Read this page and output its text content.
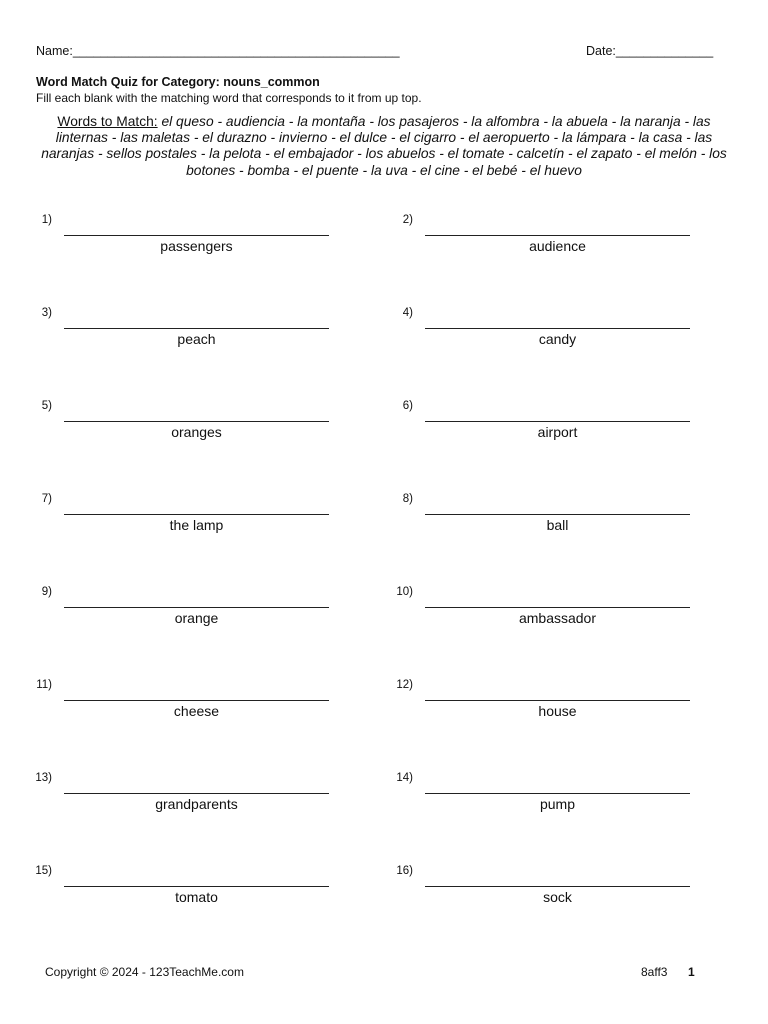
Name:_______________________________________________	Date:______________
Word Match Quiz for Category: nouns_common
Fill each blank with the matching word that corresponds to it from up top.
Words to Match: el queso - audiencia - la montaña - los pasajeros - la alfombra - la abuela - la naranja - las linternas - las maletas - el durazno - invierno - el dulce - el cigarro - el aeropuerto - la lámpara - la casa - las naranjas - sellos postales - la pelota - el embajador - los abuelos - el tomate - calcetín - el zapato - el melón - los botones - bomba - el puente - la uva - el cine - el bebé - el huevo
1)
passengers
2)
audience
3)
peach
4)
candy
5)
oranges
6)
airport
7)
the lamp
8)
ball
9)
orange
10)
ambassador
11)
cheese
12)
house
13)
grandparents
14)
pump
15)
tomato
16)
sock
Copyright © 2024 - 123TeachMe.com	8aff3 1
